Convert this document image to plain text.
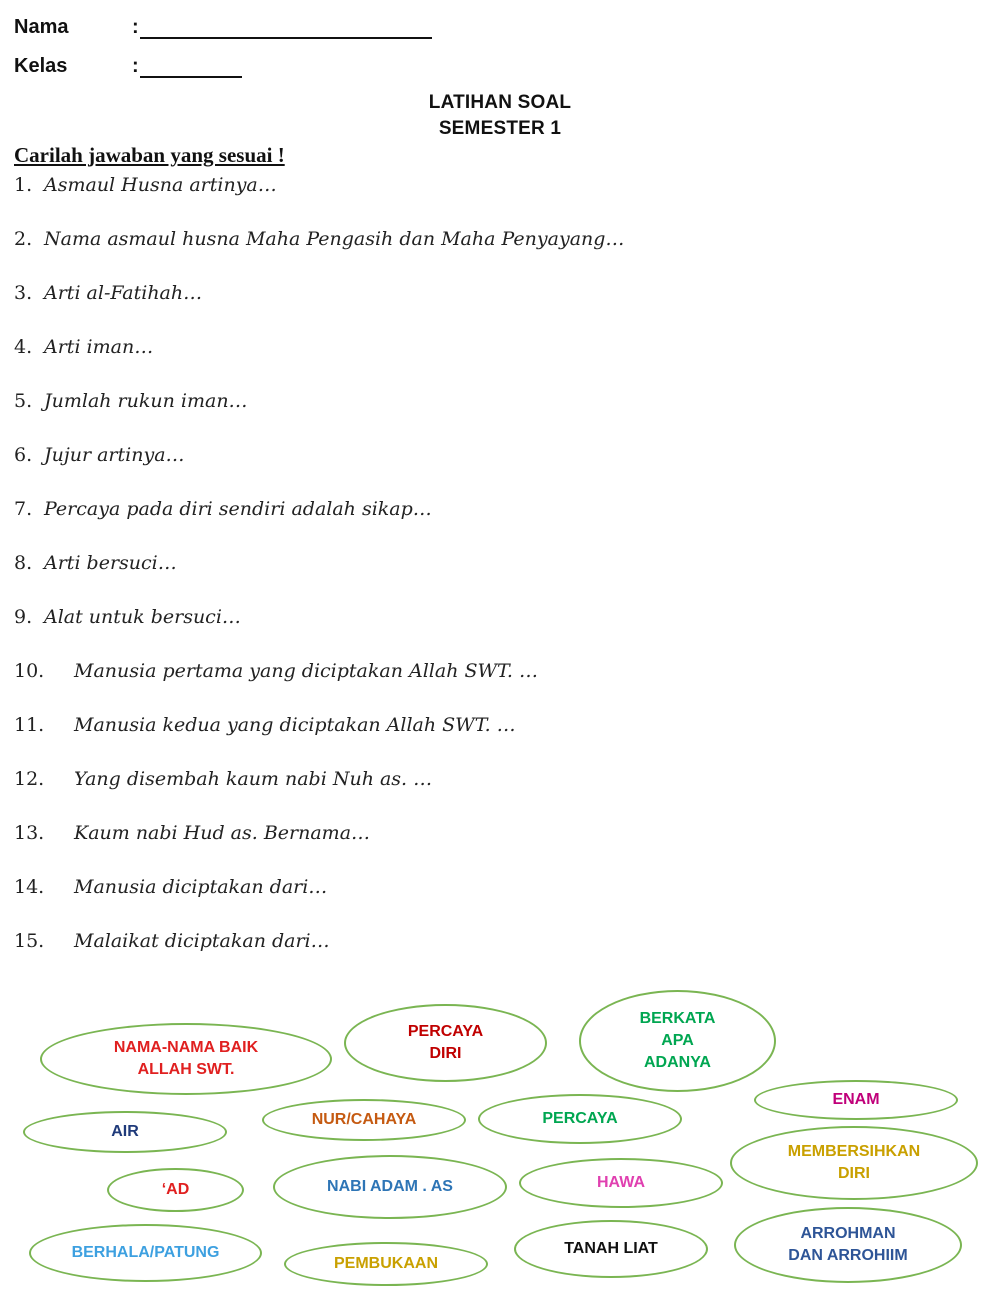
Nama	:
Kelas	:
LATIHAN SOAL
SEMESTER 1
Carilah jawaban yang sesuai !
1. Asmaul Husna artinya…
2. Nama asmaul husna Maha Pengasih dan Maha Penyayang…
3. Arti al-Fatihah…
4. Arti iman…
5. Jumlah rukun iman…
6. Jujur artinya…
7. Percaya pada diri sendiri adalah sikap…
8. Arti bersuci…
9. Alat untuk bersuci…
10. Manusia pertama yang diciptakan Allah SWT. …
11. Manusia kedua yang diciptakan Allah SWT. …
12. Yang disembah kaum nabi Nuh as. …
13. Kaum nabi Hud as. Bernama…
14. Manusia diciptakan dari…
15. Malaikat diciptakan dari…
NAMA-NAMA BAIK
ALLAH SWT.
PERCAYA
DIRI
BERKATA
APA
ADANYA
ENAM
AIR
NUR/CAHAYA	PERCAYA
MEMBERSIHKAN
DIRI
‘AD	NABI ADAM . AS	HAWA
BERHALA/PATUNG
PEMBUKAAN
TANAH LIAT
ARROHMAN
DAN ARROHIIM
